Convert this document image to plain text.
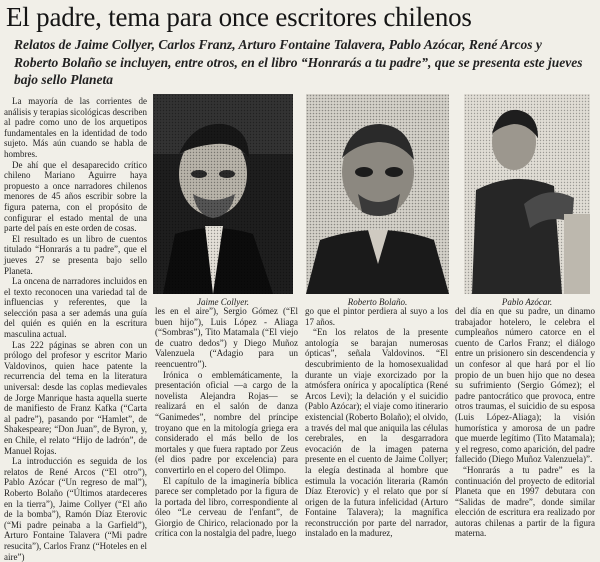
El padre, tema para once escritores chilenos
Relatos de Jaime Collyer, Carlos Franz, Arturo Fontaine Talavera, Pablo Azócar, René Arcos y Roberto Bolaño se incluyen, entre otros, en el libro “Honrarás a tu padre”, que se presenta este jueves bajo sello Planeta
Jaime Collyer.	Roberto Bolaño.	Pablo Azócar.

La mayoría de las corrientes de análisis y terapias sicológicas describen al padre como uno de los arquetipos fundamentales en la identidad de todo sujeto. Más aún cuando se habla de hombres.

De ahí que el desaparecido crítico chileno Mariano Aguirre haya propuesto a once narradores chilenos menores de 45 años escribir sobre la figura paterna, con el propósito de configurar el estado mental de una parte del país en este orden de cosas.

El resultado es un libro de cuentos titulado “Honrarás a tu padre”, que el jueves 27 se presenta bajo sello Planeta.

La oncena de narradores incluidos en el texto reconocen una variedad tal de influencias y referentes, que la selección pasa a ser además una guía del quién es quién en la escritura masculina actual.

Las 222 páginas se abren con un prólogo del profesor y escritor Mario Valdovinos, quien hace patente la recurrencia del tema en la literatura universal: desde las coplas medievales de Jorge Manrique hasta aquella suerte de manifiesto de Franz Kafka (“Carta al padre”), pasando por “Hamlet”, de Shakespeare; “Don Juan”, de Byron, y, en Chile, el relato “Hijo de ladrón”, de Manuel Rojas.

La introducción es seguida de los relatos de René Arcos (“El otro”), Pablo Azócar (“Un regreso de mal”), Roberto Bolaño (“Últimos atardeceres en la tierra”), Jaime Collyer (“El año de la bomba”), Ramón Díaz Eterovic (“Mi padre peinaba a la Garfield”), Arturo Fontaine Talavera (“Mi padre resucita”), Carlos Franz (“Hoteles en el aire”)

les en el aire”), Sergio Gómez (“El buen hijo”), Luis López - Aliaga (“Sombras”), Tito Matamala (“El viejo de cuatro dedos”) y Diego Muñoz Valenzuela (“Adagio para un reencuentro”).

Irónica o emblemáticamente, la presentación oficial —a cargo de la novelista Alejandra Rojas— se realizará en el salón de danza “Ganimedes”, nombre del príncipe troyano que en la mitología griega era considerado el más bello de los mortales y que fuera raptado por Zeus (el dios padre por excelencia) para convertirlo en el copero del Olimpo.

El capítulo de la imaginería bíblica parece ser completado por la figura de la portada del libro, correspondiente al óleo “Le cerveau de l'enfant”, de Giorgio de Chirico, relacionado por la crítica con la nostalgia del padre, luego

go que el pintor perdiera al suyo a los 17 años.

“En los relatos de la presente antología se barajan numerosas ópticas”, señala Valdovinos. “El descubrimiento de la homosexualidad durante un viaje exorcizado por la atmósfera onírica y apocalíptica (René Arcos Levi); la delación y el suicidio (Pablo Azócar); el viaje como itinerario existencial (Roberto Bolaño); el olvido, a través del mal que aniquila las células cerebrales, en la desgarradora evocación de la imagen paterna presente en el cuento de Jaime Collyer; la elegía destinada al hombre que estimula la vocación literaria (Ramón Díaz Eterovic) y el relato que por sí origen de la futura infelicidad (Arturo Fontaine Talavera); la magnífica reconstrucción por parte del narrador, instalado en la madurez,

del día en que su padre, un dinamo trabajador hotelero, le celebra el cumpleaños número catorce en el cuento de Carlos Franz; el diálogo entre un prisionero sin descendencia y un confesor al que hará por el lío propio de un buen hijo que no desea su sufrimiento (Sergio Gómez); el padre pantocrático que provoca, entre otros traumas, el suicidio de su esposa (Luis López-Aliaga); la visión humorística y amorosa de un padre que muerde legítimo (Tito Matamala); y el regreso, como aparición, del padre fallecido (Diego Muñoz Valenzuela)”.

“Honrarás a tu padre” es la continuación del proyecto de editorial Planeta que en 1997 debutara con “Salidas de madre”, donde similar elección de escritura era realizado por autoras chilenas a partir de la figura materna.
